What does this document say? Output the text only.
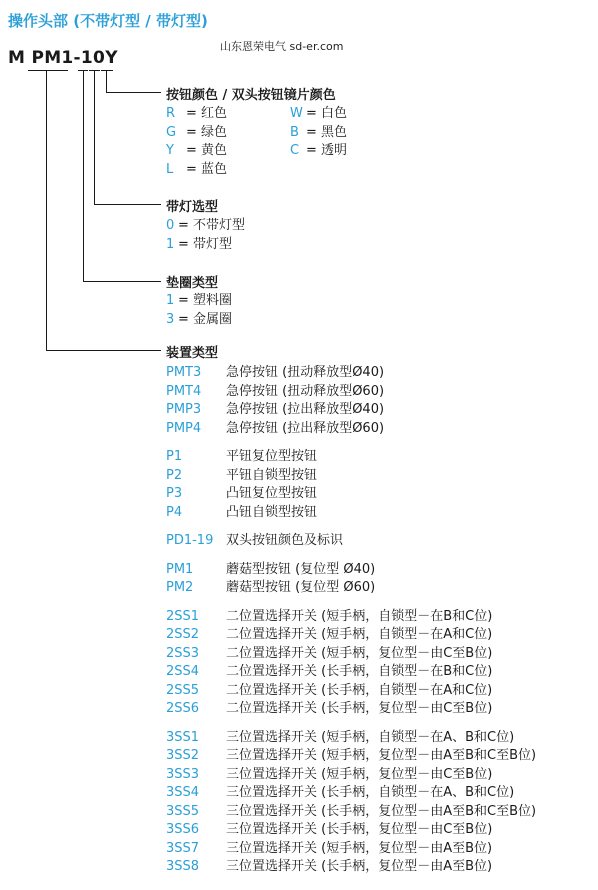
操作头部 (不带灯型 / 带灯型)
山东恩荣电气 sd-er.com
M PM1-10Y
按钮颜色 / 双头按钮镜片颜色
R = 红色
G = 绿色
Y = 黄色
L = 蓝色
W = 白色
B = 黑色
C = 透明
带灯选型
0 = 不带灯型
1 = 带灯型
垫圈类型
1 = 塑料圈
3 = 金属圈
装置类型
PMT3 急停按钮 (扭动释放型Ø40)
PMT4 急停按钮 (扭动释放型Ø60)
PMP3 急停按钮 (拉出释放型Ø40)
PMP4 急停按钮 (拉出释放型Ø60)
P1	平钮复位型按钮
P2	平钮自锁型按钮
P3	凸钮复位型按钮
P4	凸钮自锁型按钮
PD1-19 双头按钮颜色及标识
PM1	蘑菇型按钮 (复位型 Ø40)
PM2	蘑菇型按钮 (复位型 Ø60)
2SS1 二位置选择开关 (短手柄，自锁型－在B和C位)
2SS2 二位置选择开关 (短手柄，自锁型－在A和C位)
2SS3 二位置选择开关 (短手柄，复位型－由C至B位)
2SS4 二位置选择开关 (长手柄，自锁型－在B和C位)
2SS5 二位置选择开关 (长手柄，自锁型－在A和C位)
2SS6 二位置选择开关 (长手柄，复位型－由C至B位)
3SS1 三位置选择开关 (短手柄，自锁型－在A、B和C位)
3SS2 三位置选择开关 (短手柄，复位型－由A至B和C至B位)
3SS3 三位置选择开关 (短手柄，复位型－由C至B位)
3SS4 三位置选择开关 (长手柄，自锁型－在A、B和C位)
3SS5 三位置选择开关 (长手柄，复位型－由A至B和C至B位)
3SS6 三位置选择开关 (长手柄，复位型－由C至B位)
3SS7 三位置选择开关 (短手柄，复位型－由A至B位)
3SS8 三位置选择开关 (长手柄，复位型－由A至B位)
